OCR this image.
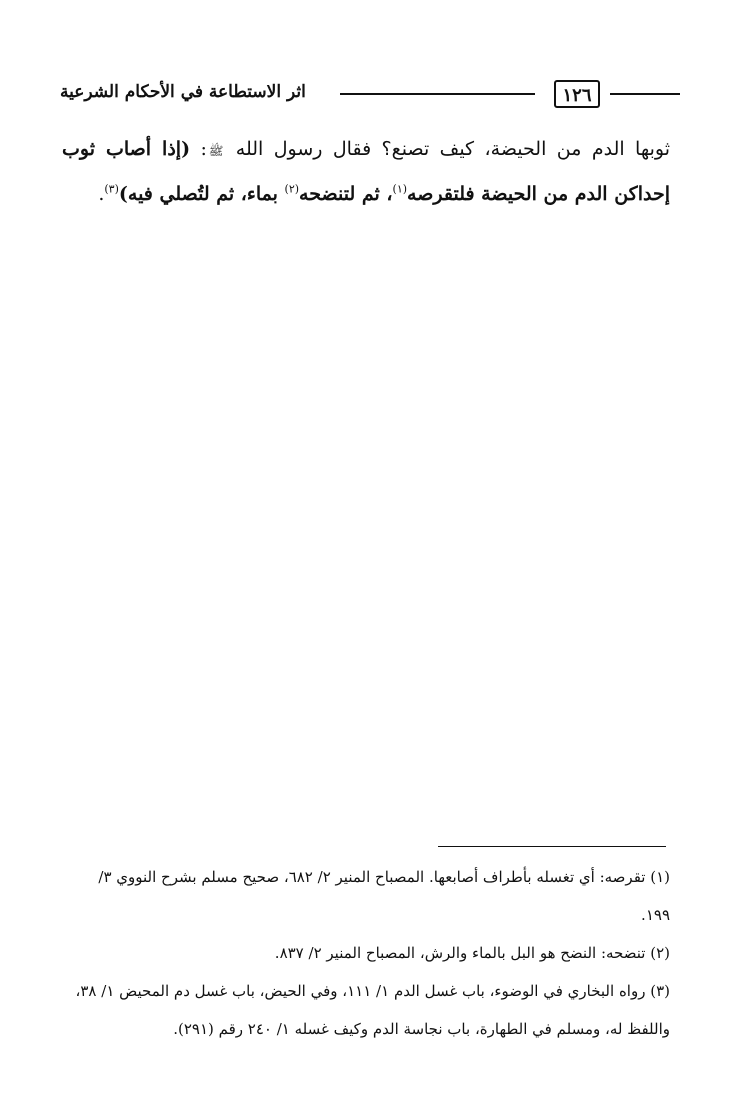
١٢٦
اثر الاستطاعة في الأحكام الشرعية

ثوبها الدم من الحيضة، كيف تصنع؟ فقال رسول الله ﷺ: (إذا أصاب ثوب إحداكن الدم من الحيضة فلتقرصه$^{(١)}$، ثم لتنضحه$^{(٢)}$ بماء، ثم لتُصلي فيه)$^{(٣)}$.

(١) تقرصه: أي تغسله بأطراف أصابعها. المصباح المنير ٢/ ٦٨٢، صحيح مسلم بشرح النووي ٣/ ١٩٩.

(٢) تنضحه: النضح هو البل بالماء والرش، المصباح المنير ٢/ ٨٣٧.

(٣) رواه البخاري في الوضوء، باب غسل الدم ١/ ١١١، وفي الحيض، باب غسل دم المحيض ١/ ٣٨، واللفظ له، ومسلم في الطهارة، باب نجاسة الدم وكيف غسله ١/ ٢٤٠ رقم (٢٩١).
